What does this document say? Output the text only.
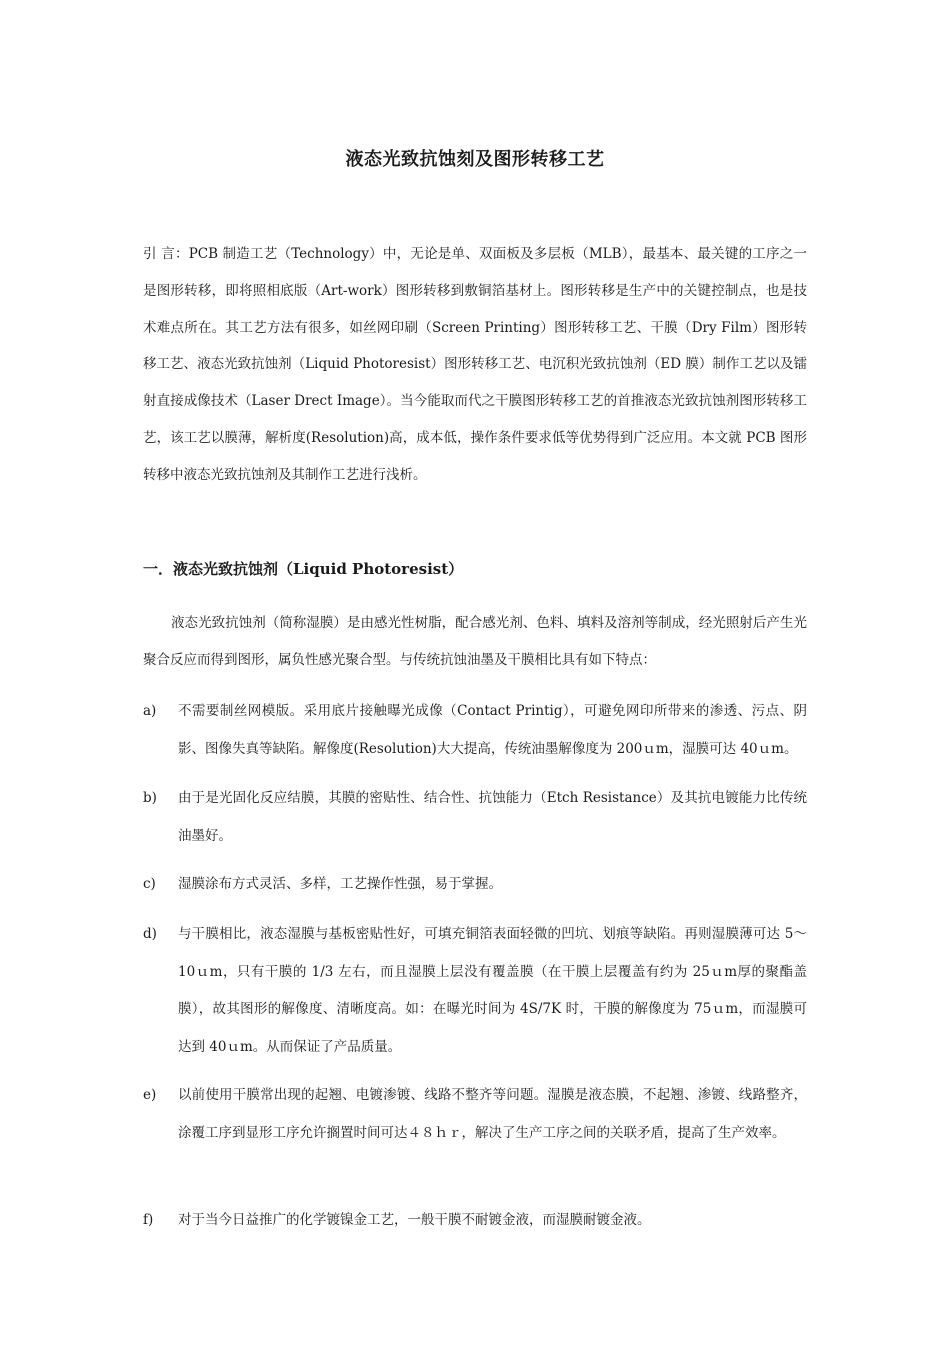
液态光致抗蚀刻及图形转移工艺

引 言：PCB 制造工艺（Technology）中，无论是单、双面板及多层板（MLB），最基本、最关键的工序之一是图形转移，即将照相底版（Art-work）图形转移到敷铜箔基材上。图形转移是生产中的关键控制点，也是技术难点所在。其工艺方法有很多，如丝网印刷（Screen Printing）图形转移工艺、干膜（Dry Film）图形转移工艺、液态光致抗蚀剂（Liquid Photoresist）图形转移工艺、电沉积光致抗蚀剂（ED 膜）制作工艺以及镭射直接成像技术（Laser Drect Image）。当今能取而代之干膜图形转移工艺的首推液态光致抗蚀剂图形转移工艺，该工艺以膜薄，解析度(Resolution)高，成本低，操作条件要求低等优势得到广泛应用。本文就 PCB 图形转移中液态光致抗蚀剂及其制作工艺进行浅析。

一．液态光致抗蚀剂（Liquid Photoresist）

液态光致抗蚀剂（简称湿膜）是由感光性树脂，配合感光剂、色料、填料及溶剂等制成，经光照射后产生光聚合反应而得到图形，属负性感光聚合型。与传统抗蚀油墨及干膜相比具有如下特点：

a)	不需要制丝网模版。采用底片接触曝光成像（Contact Printig），可避免网印所带来的渗透、污点、阴影、图像失真等缺陷。解像度(Resolution)大大提高，传统油墨解像度为 200ｕm，湿膜可达 40ｕm。
b)	由于是光固化反应结膜，其膜的密贴性、结合性、抗蚀能力（Etch Resistance）及其抗电镀能力比传统油墨好。
c)	湿膜涂布方式灵活、多样，工艺操作性强，易于掌握。
d)	与干膜相比，液态湿膜与基板密贴性好，可填充铜箔表面轻微的凹坑、划痕等缺陷。再则湿膜薄可达 5～10ｕm，只有干膜的 1/3 左右，而且湿膜上层没有覆盖膜（在干膜上层覆盖有约为 25ｕm厚的聚酯盖膜），故其图形的解像度、清晰度高。如：在曝光时间为 4S/7K 时，干膜的解像度为 75ｕm，而湿膜可达到 40ｕm。从而保证了产品质量。
e)	以前使用干膜常出现的起翘、电镀渗镀、线路不整齐等问题。湿膜是液态膜，不起翘、渗镀、线路整齐，涂覆工序到显形工序允许搁置时间可达４８ｈｒ，解决了生产工序之间的关联矛盾，提高了生产效率。
f)	对于当今日益推广的化学镀镍金工艺，一般干膜不耐镀金液，而湿膜耐镀金液。
